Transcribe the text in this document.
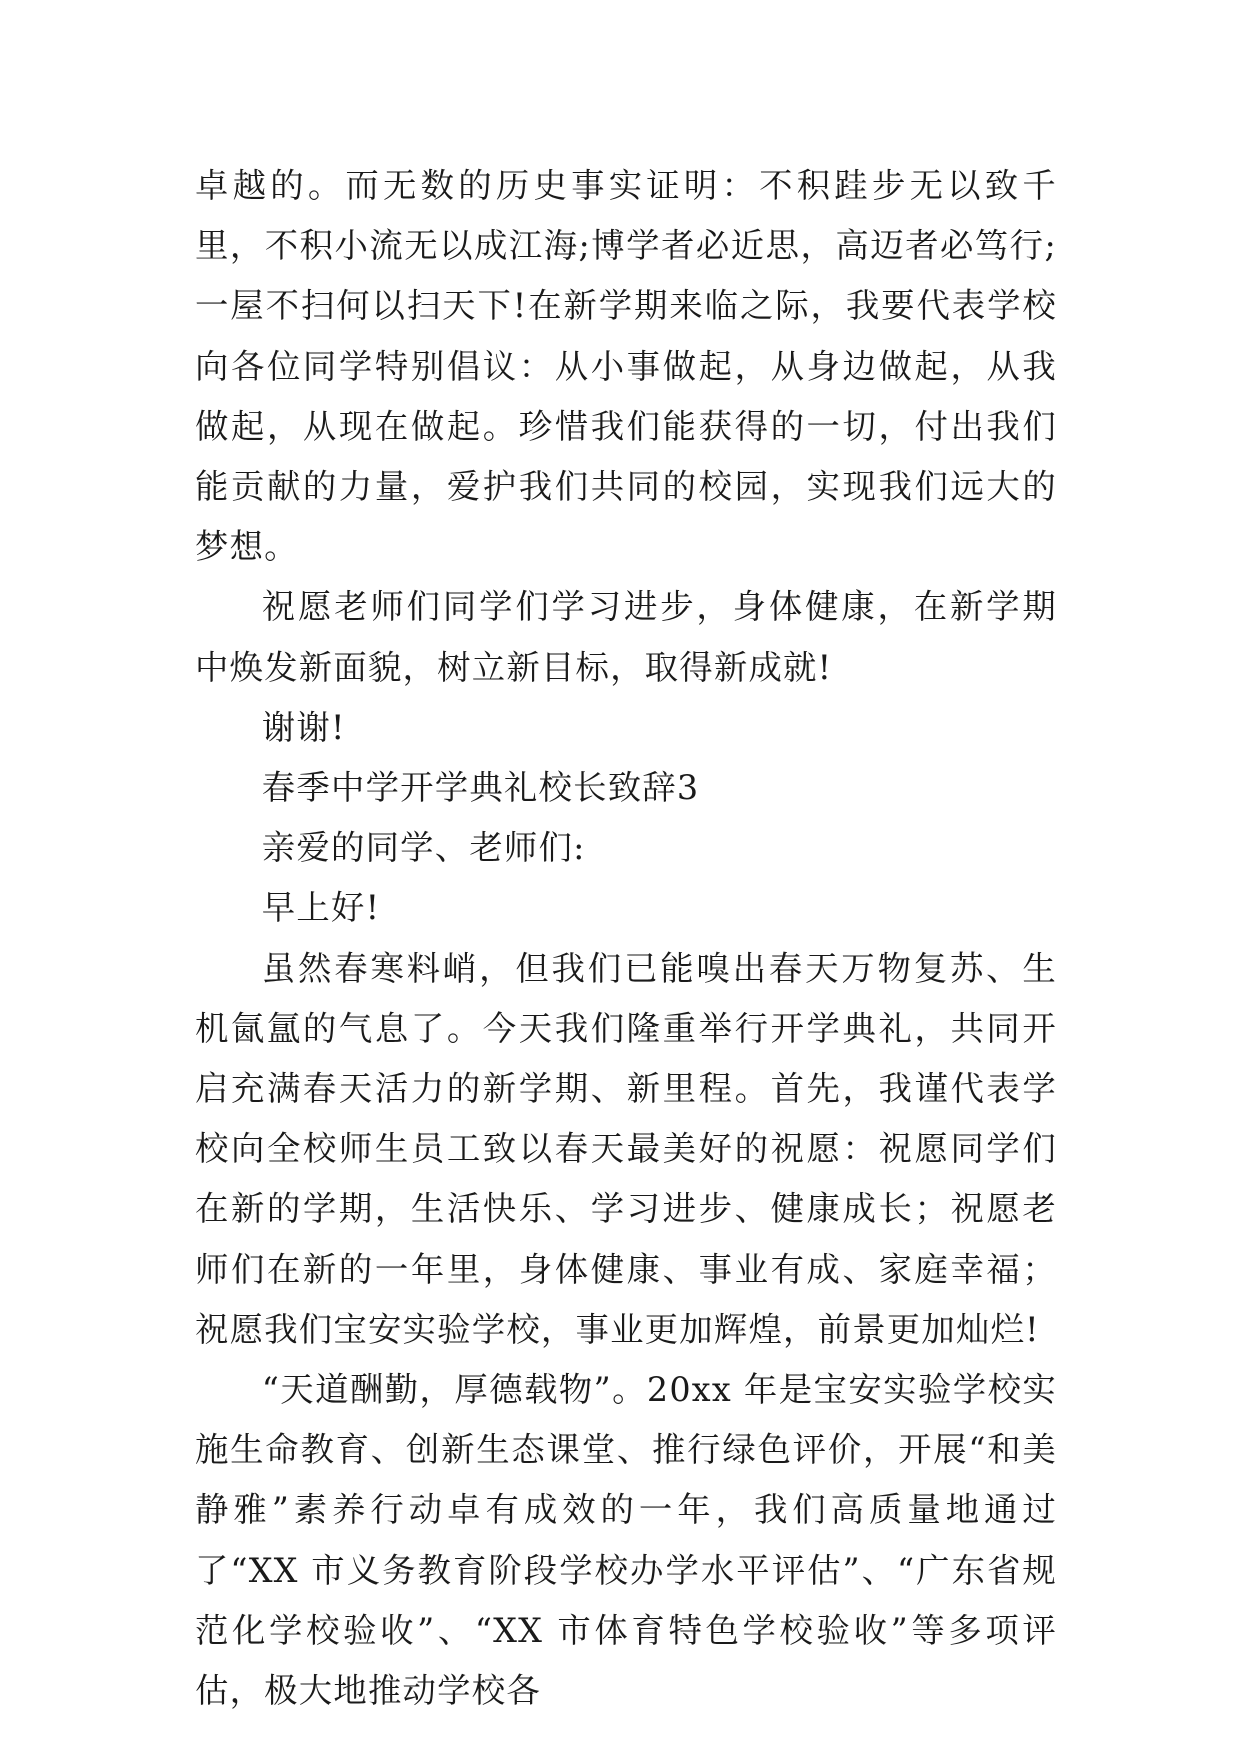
卓越的。而无数的历史事实证明：不积跬步无以致千里，不积小流无以成江海;博学者必近思，高迈者必笃行;一屋不扫何以扫天下!在新学期来临之际，我要代表学校向各位同学特别倡议：从小事做起，从身边做起，从我做起，从现在做起。珍惜我们能获得的一切，付出我们能贡献的力量，爱护我们共同的校园，实现我们远大的梦想。

祝愿老师们同学们学习进步，身体健康，在新学期中焕发新面貌，树立新目标，取得新成就!

谢谢!

春季中学开学典礼校长致辞3

亲爱的同学、老师们:

早上好!

虽然春寒料峭，但我们已能嗅出春天万物复苏、生机氤氲的气息了。今天我们隆重举行开学典礼，共同开启充满春天活力的新学期、新里程。首先，我谨代表学校向全校师生员工致以春天最美好的祝愿：祝愿同学们在新的学期，生活快乐、学习进步、健康成长；祝愿老师们在新的一年里，身体健康、事业有成、家庭幸福；祝愿我们宝安实验学校，事业更加辉煌，前景更加灿烂!

“天道酬勤，厚德载物”。20xx 年是宝安实验学校实施生命教育、创新生态课堂、推行绿色评价，开展“和美静雅”素养行动卓有成效的一年，我们高质量地通过了“XX 市义务教育阶段学校办学水平评估”、“广东省规范化学校验收”、“XX 市体育特色学校验收”等多项评估，极大地推动学校各
